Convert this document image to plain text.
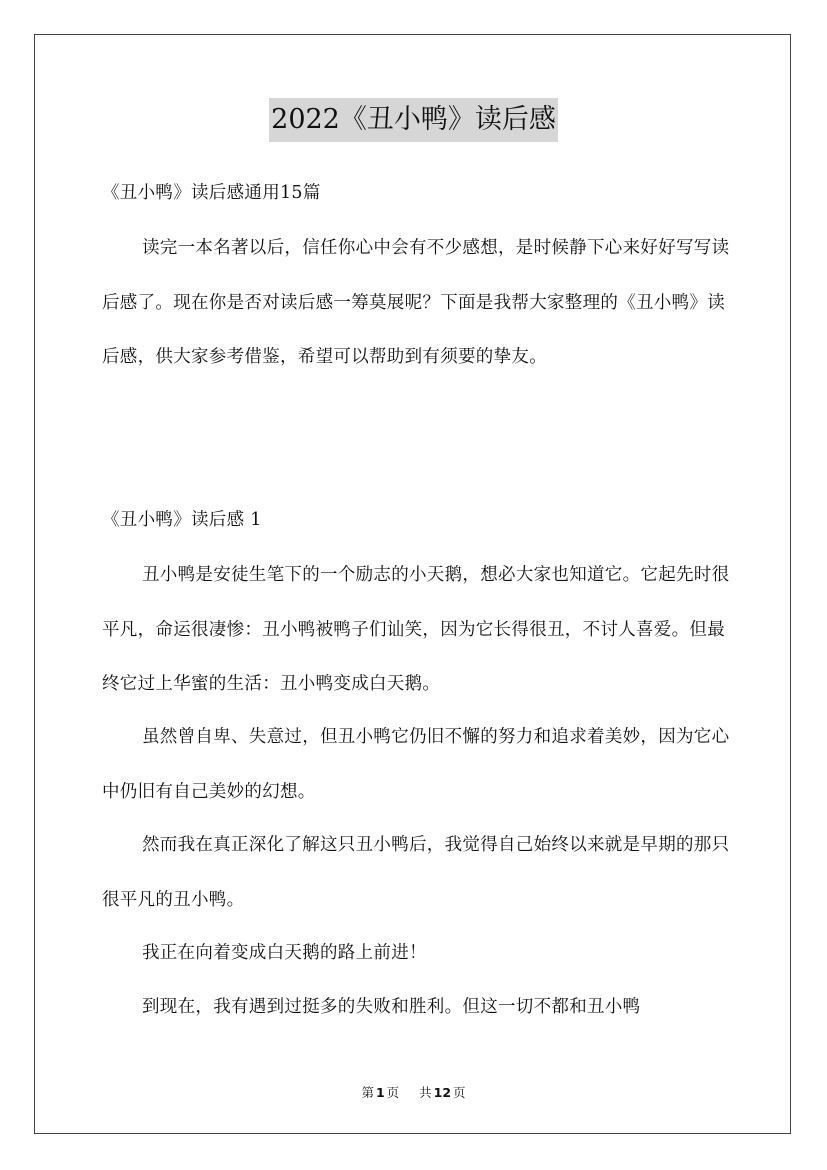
2022《丑小鸭》读后感

《丑小鸭》读后感通用15篇

读完一本名著以后，信任你心中会有不少感想，是时候静下心来好好写写读后感了。现在你是否对读后感一筹莫展呢？下面是我帮大家整理的《丑小鸭》读后感，供大家参考借鉴，希望可以帮助到有须要的挚友。

《丑小鸭》读后感 1

丑小鸭是安徒生笔下的一个励志的小天鹅，想必大家也知道它。它起先时很平凡，命运很凄惨：丑小鸭被鸭子们讪笑，因为它长得很丑，不讨人喜爱。但最终它过上华蜜的生活：丑小鸭变成白天鹅。

虽然曾自卑、失意过，但丑小鸭它仍旧不懈的努力和追求着美妙，因为它心中仍旧有自己美妙的幻想。

然而我在真正深化了解这只丑小鸭后，我觉得自己始终以来就是早期的那只很平凡的丑小鸭。

我正在向着变成白天鹅的路上前进！

到现在，我有遇到过挺多的失败和胜利。但这一切不都和丑小鸭

第 1 页 共 12 页
